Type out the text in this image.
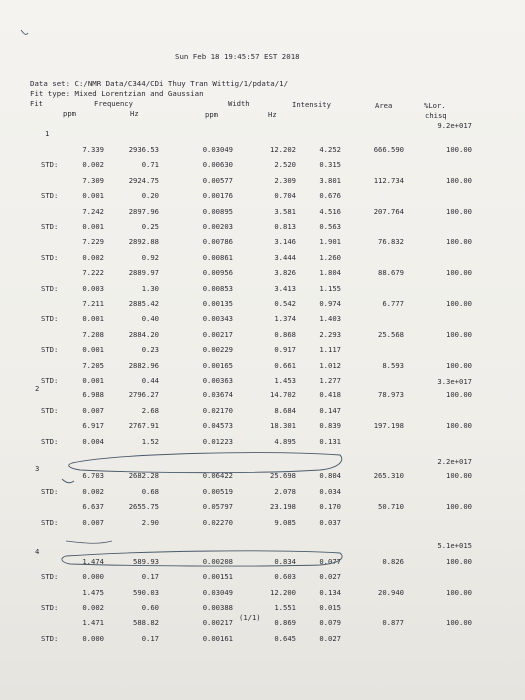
Sun Feb 18 19:45:57 EST 2018
Data set: C:/NMR Data/C344/CDi Thuy Tran Wittig/1/pdata/1/
Fit type: Mixed Lorentzian and Gaussian
Fit	Frequency	Width	Intensity	Area	%Lor.
ppm	Hz	ppm	Hz	chisq
1
9.2e+017
7.339	2936.53	0.03049	12.202	4.252	666.590	100.00
STD:	0.002	0.71	0.00630	2.520	0.315
7.309	2924.75	0.00577	2.309	3.801	112.734	100.00
STD:	0.001	0.20	0.00176	0.704	0.676
7.242	2897.96	0.00895	3.581	4.516	207.764	100.00
STD:	0.001	0.25	0.00203	0.813	0.563
7.229	2892.88	0.00786	3.146	1.901	76.832	100.00
STD:	0.002	0.92	0.00861	3.444	1.260
7.222	2889.97	0.00956	3.826	1.804	88.679	100.00
STD:	0.003	1.30	0.00853	3.413	1.155
7.211	2885.42	0.00135	0.542	0.974	6.777	100.00
STD:	0.001	0.40	0.00343	1.374	1.403
7.208	2884.20	0.00217	0.868	2.293	25.568	100.00
STD:	0.001	0.23	0.00229	0.917	1.117
7.205	2882.96	0.00165	0.661	1.012	8.593	100.00
STD:	0.001	0.44	0.00363	1.453	1.277
2
3.3e+017
6.988	2796.27	0.03674	14.702	0.418	78.973	100.00
STD:	0.007	2.68	0.02170	8.684	0.147
6.917	2767.91	0.04573	18.301	0.839	197.198	100.00
STD:	0.004	1.52	0.01223	4.895	0.131
3
2.2e+017
6.703	2682.28	0.06422	25.698	0.804	265.310	100.00
STD:	0.002	0.68	0.00519	2.078	0.034
6.637	2655.75	0.05797	23.198	0.170	50.710	100.00
STD:	0.007	2.90	0.02270	9.085	0.037
4
5.1e+015
1.474	589.93	0.00208	0.834	0.077	0.826	100.00
STD:	0.000	0.17	0.00151	0.603	0.027
1.475	590.03	0.03049	12.200	0.134	20.940	100.00
STD:	0.002	0.60	0.00388	1.551	0.015
1.471	588.82	0.00217	0.869	0.079	0.877	100.00
STD:	0.000	0.17	0.00161	0.645	0.027
(1/1)
